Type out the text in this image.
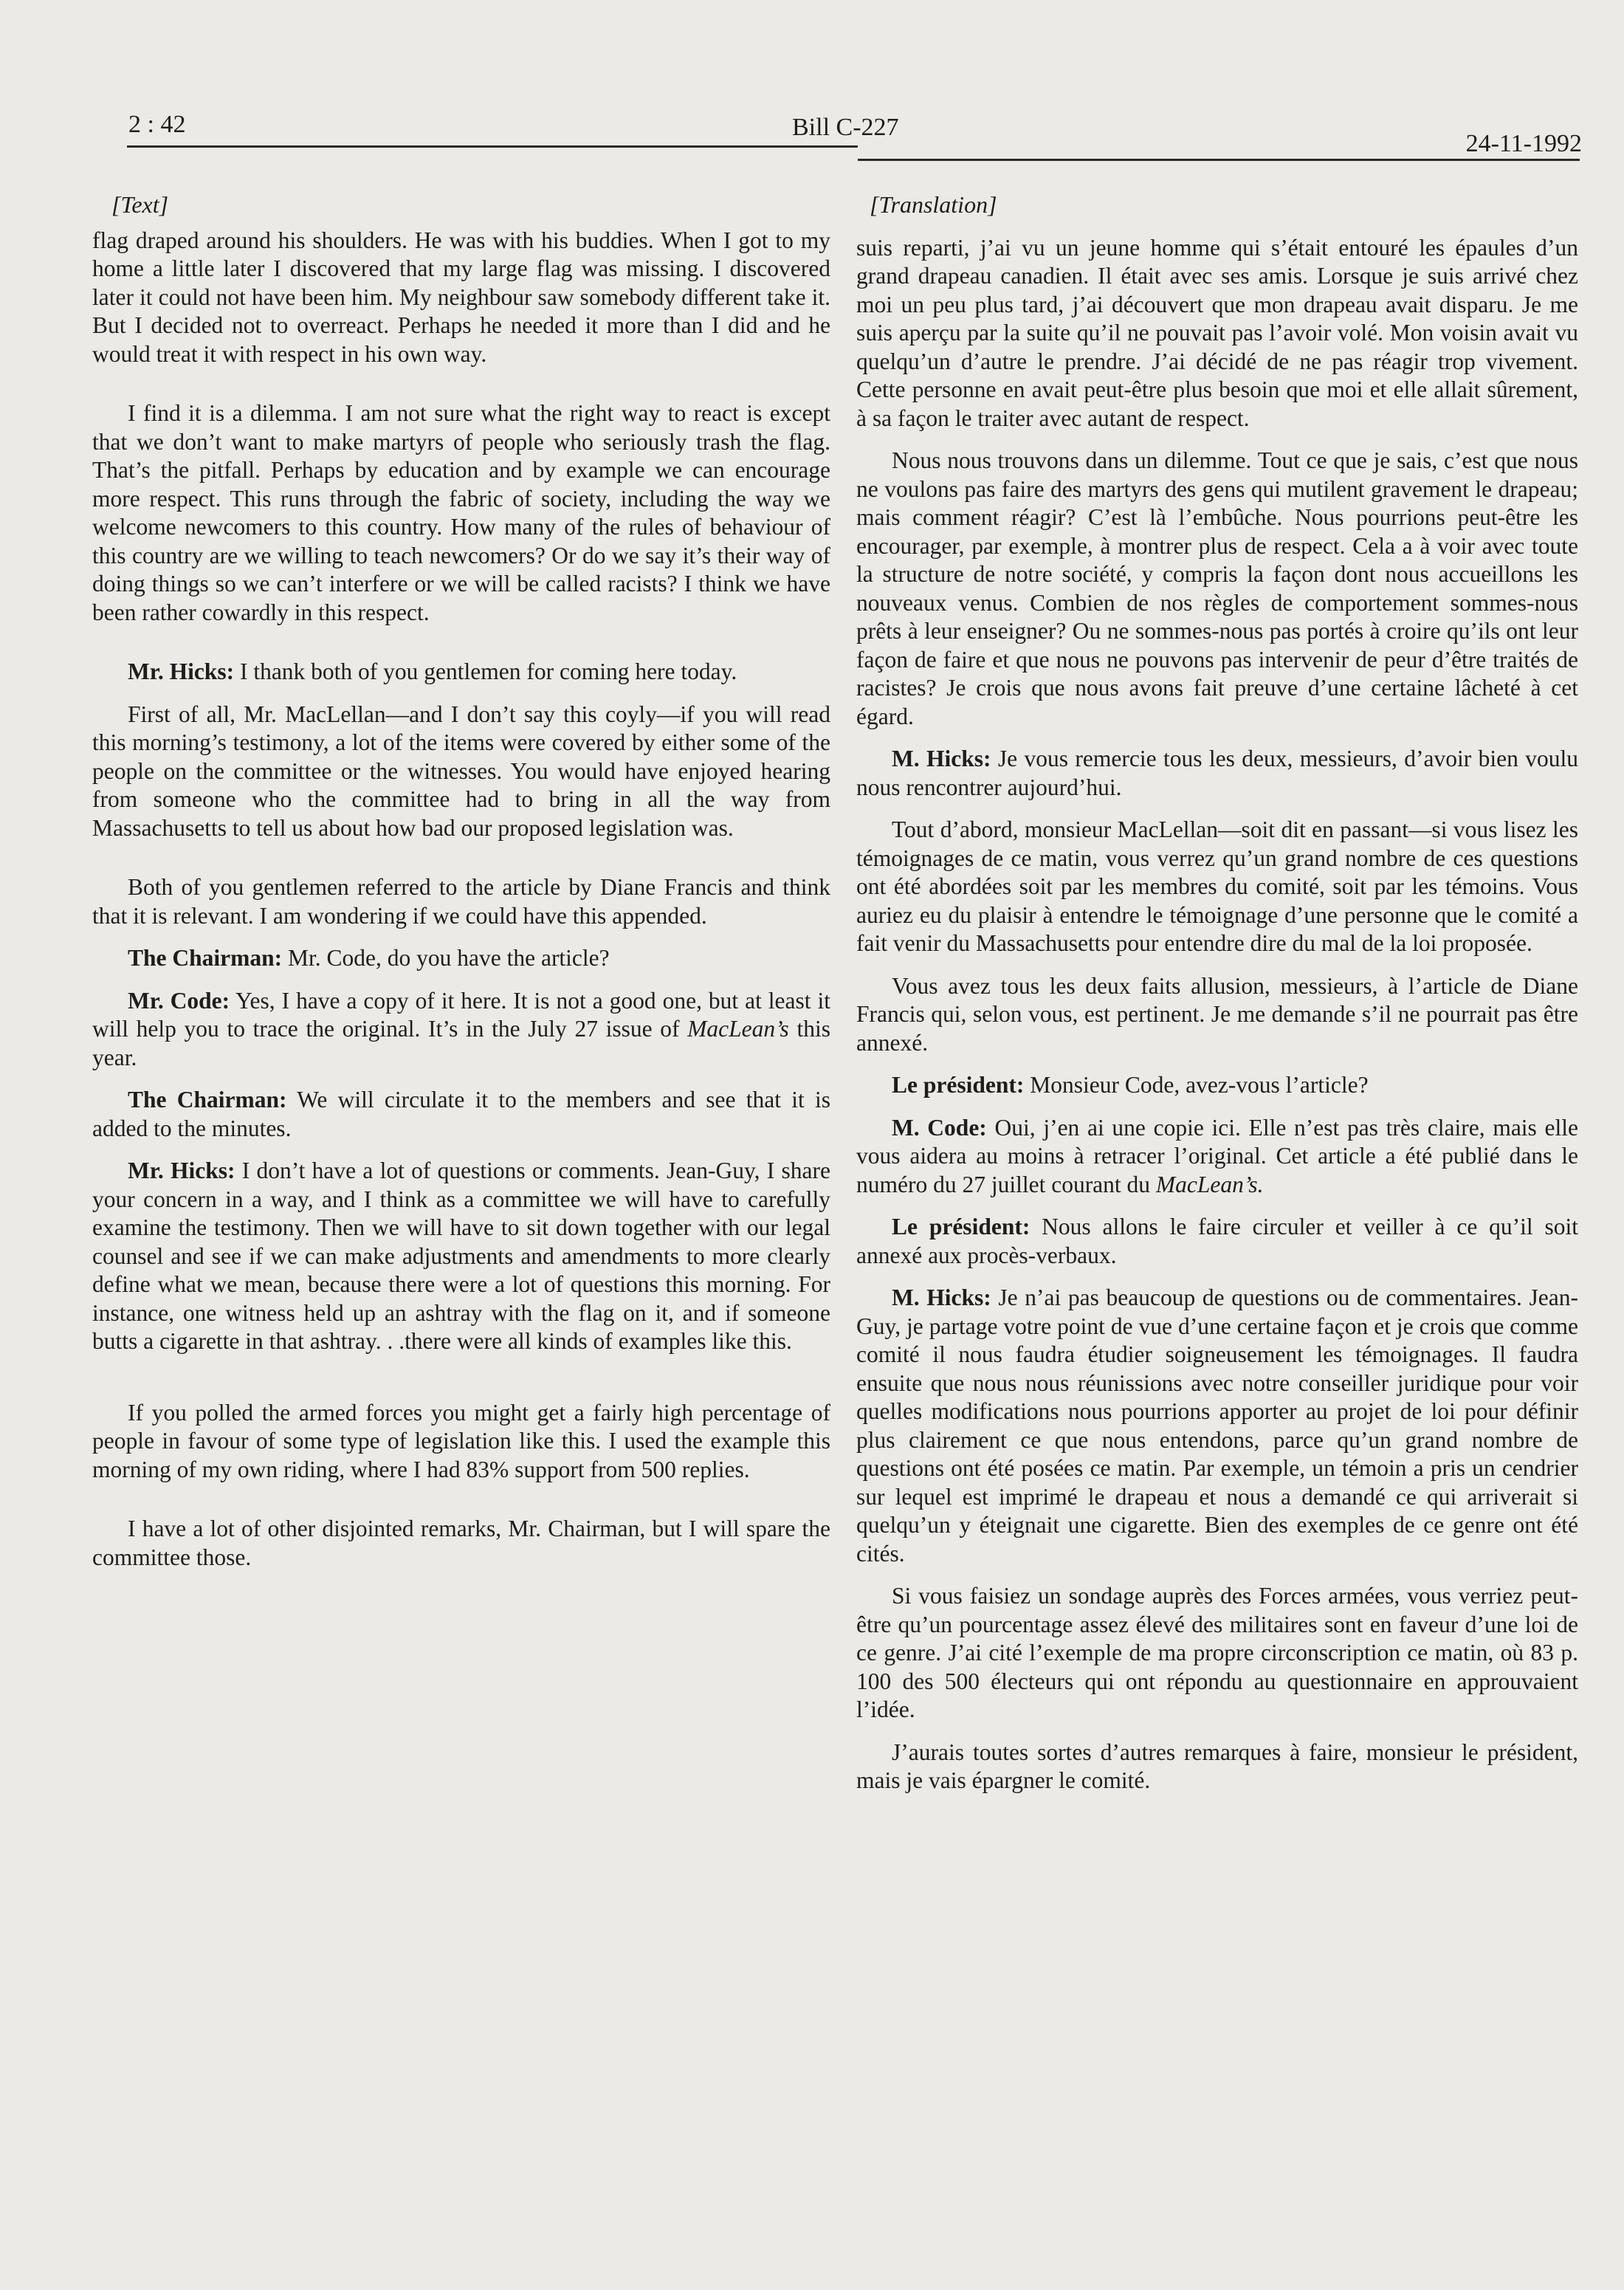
2 : 42	Bill C-227
24-11-1992
[Text]

flag draped around his shoulders. He was with his buddies. When I got to my home a little later I discovered that my large flag was missing. I discovered later it could not have been him. My neighbour saw somebody different take it. But I decided not to overreact. Perhaps he needed it more than I did and he would treat it with respect in his own way.

I find it is a dilemma. I am not sure what the right way to react is except that we don’t want to make martyrs of people who seriously trash the flag. That’s the pitfall. Perhaps by education and by example we can encourage more respect. This runs through the fabric of society, including the way we welcome newcomers to this country. How many of the rules of behaviour of this country are we willing to teach newcomers? Or do we say it’s their way of doing things so we can’t interfere or we will be called racists? I think we have been rather cowardly in this respect.

Mr. Hicks: I thank both of you gentlemen for coming here today.

First of all, Mr. MacLellan—and I don’t say this coyly—if you will read this morning’s testimony, a lot of the items were covered by either some of the people on the committee or the witnesses. You would have enjoyed hearing from someone who the committee had to bring in all the way from Massachusetts to tell us about how bad our proposed legislation was.

Both of you gentlemen referred to the article by Diane Francis and think that it is relevant. I am wondering if we could have this appended.

The Chairman: Mr. Code, do you have the article?

Mr. Code: Yes, I have a copy of it here. It is not a good one, but at least it will help you to trace the original. It’s in the July 27 issue of MacLean’s this year.

The Chairman: We will circulate it to the members and see that it is added to the minutes.

Mr. Hicks: I don’t have a lot of questions or comments. Jean-Guy, I share your concern in a way, and I think as a committee we will have to carefully examine the testimony. Then we will have to sit down together with our legal counsel and see if we can make adjustments and amendments to more clearly define what we mean, because there were a lot of questions this morning. For instance, one witness held up an ashtray with the flag on it, and if someone butts a cigarette in that ashtray. . .there were all kinds of examples like this.

If you polled the armed forces you might get a fairly high percentage of people in favour of some type of legislation like this. I used the example this morning of my own riding, where I had 83% support from 500 replies.

I have a lot of other disjointed remarks, Mr. Chairman, but I will spare the committee those.

[Translation]

suis reparti, j’ai vu un jeune homme qui s’était entouré les épaules d’un grand drapeau canadien. Il était avec ses amis. Lorsque je suis arrivé chez moi un peu plus tard, j’ai découvert que mon drapeau avait disparu. Je me suis aperçu par la suite qu’il ne pouvait pas l’avoir volé. Mon voisin avait vu quelqu’un d’autre le prendre. J’ai décidé de ne pas réagir trop vivement. Cette personne en avait peut-être plus besoin que moi et elle allait sûrement, à sa façon le traiter avec autant de respect.

Nous nous trouvons dans un dilemme. Tout ce que je sais, c’est que nous ne voulons pas faire des martyrs des gens qui mutilent gravement le drapeau; mais comment réagir? C’est là l’embûche. Nous pourrions peut-être les encourager, par exemple, à montrer plus de respect. Cela a à voir avec toute la structure de notre société, y compris la façon dont nous accueillons les nouveaux venus. Combien de nos règles de comportement sommes-nous prêts à leur enseigner? Ou ne sommes-nous pas portés à croire qu’ils ont leur façon de faire et que nous ne pouvons pas intervenir de peur d’être traités de racistes? Je crois que nous avons fait preuve d’une certaine lâcheté à cet égard.

M. Hicks: Je vous remercie tous les deux, messieurs, d’avoir bien voulu nous rencontrer aujourd’hui.

Tout d’abord, monsieur MacLellan—soit dit en passant—si vous lisez les témoignages de ce matin, vous verrez qu’un grand nombre de ces questions ont été abordées soit par les membres du comité, soit par les témoins. Vous auriez eu du plaisir à entendre le témoignage d’une personne que le comité a fait venir du Massachusetts pour entendre dire du mal de la loi proposée.

Vous avez tous les deux faits allusion, messieurs, à l’article de Diane Francis qui, selon vous, est pertinent. Je me demande s’il ne pourrait pas être annexé.

Le président: Monsieur Code, avez-vous l’article?

M. Code: Oui, j’en ai une copie ici. Elle n’est pas très claire, mais elle vous aidera au moins à retracer l’original. Cet article a été publié dans le numéro du 27 juillet courant du MacLean’s.

Le président: Nous allons le faire circuler et veiller à ce qu’il soit annexé aux procès-verbaux.

M. Hicks: Je n’ai pas beaucoup de questions ou de commentaires. Jean-Guy, je partage votre point de vue d’une certaine façon et je crois que comme comité il nous faudra étudier soigneusement les témoignages. Il faudra ensuite que nous nous réunissions avec notre conseiller juridique pour voir quelles modifications nous pourrions apporter au projet de loi pour définir plus clairement ce que nous entendons, parce qu’un grand nombre de questions ont été posées ce matin. Par exemple, un témoin a pris un cendrier sur lequel est imprimé le drapeau et nous a demandé ce qui arriverait si quelqu’un y éteignait une cigarette. Bien des exemples de ce genre ont été cités.

Si vous faisiez un sondage auprès des Forces armées, vous verriez peut-être qu’un pourcentage assez élevé des militaires sont en faveur d’une loi de ce genre. J’ai cité l’exemple de ma propre circonscription ce matin, où 83 p. 100 des 500 électeurs qui ont répondu au questionnaire en approuvaient l’idée.

J’aurais toutes sortes d’autres remarques à faire, monsieur le président, mais je vais épargner le comité.
